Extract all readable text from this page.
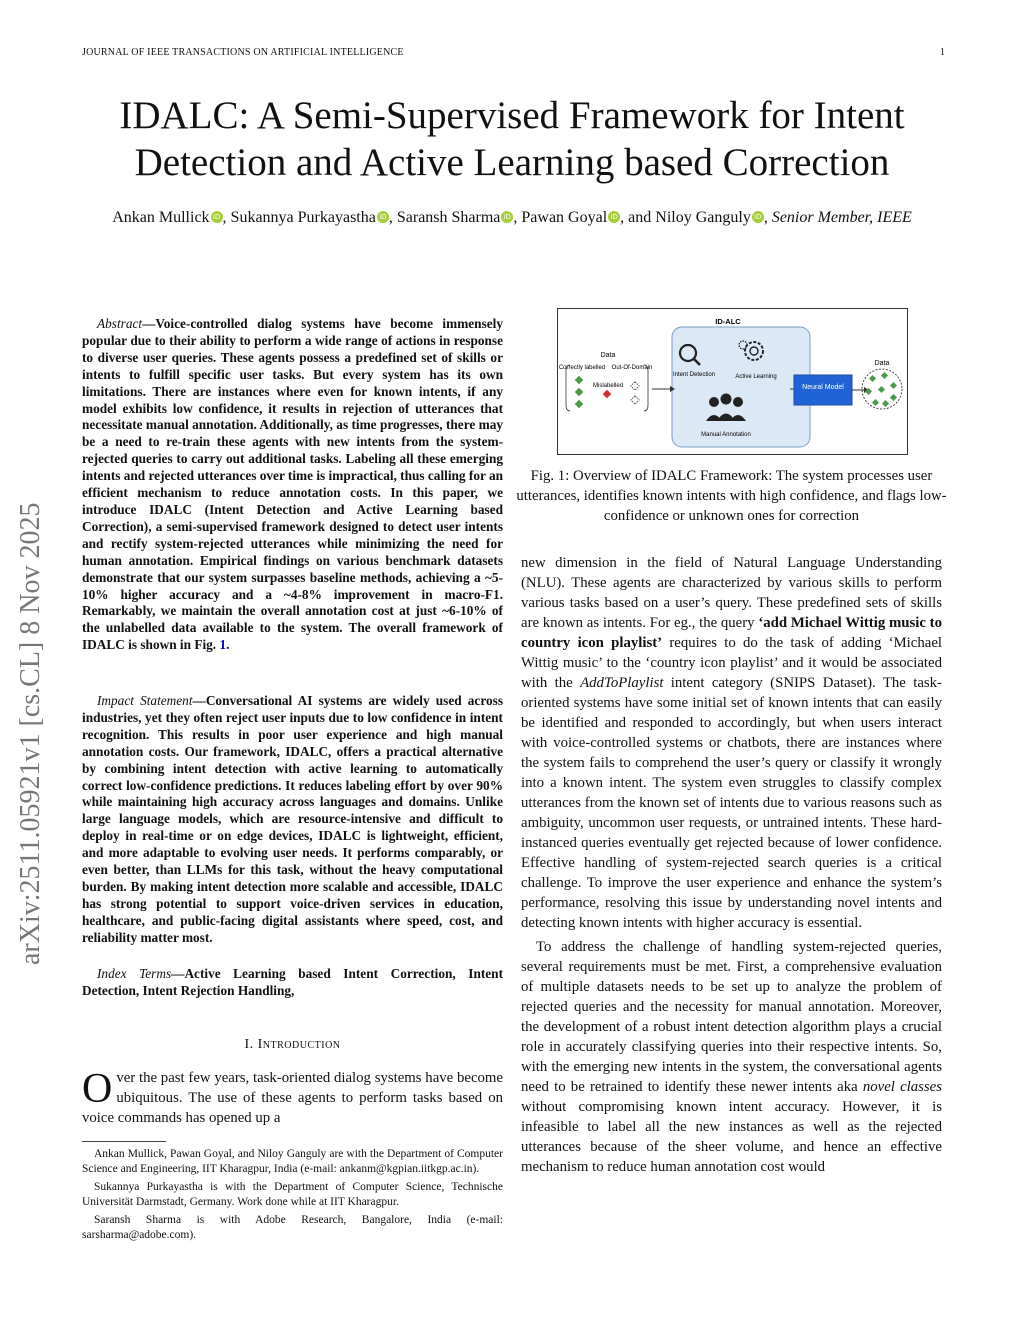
JOURNAL OF IEEE TRANSACTIONS ON ARTIFICIAL INTELLIGENCE	1
IDALC: A Semi-Supervised Framework for Intent Detection and Active Learning based Correction
Ankan Mullick iD , Sukannya Purkayastha iD , Saransh Sharma iD , Pawan Goyal iD , and Niloy Ganguly iD , Senior Member, IEEE
arXiv:2511.05921v1 [cs.CL] 8 Nov 2025

Abstract—Voice-controlled dialog systems have become immensely popular due to their ability to perform a wide range of actions in response to diverse user queries. These agents possess a predefined set of skills or intents to fulfill specific user tasks. But every system has its own limitations. There are instances where even for known intents, if any model exhibits low confidence, it results in rejection of utterances that necessitate manual annotation. Additionally, as time progresses, there may be a need to re-train these agents with new intents from the system-rejected queries to carry out additional tasks. Labeling all these emerging intents and rejected utterances over time is impractical, thus calling for an efficient mechanism to reduce annotation costs. In this paper, we introduce IDALC (Intent Detection and Active Learning based Correction), a semi-supervised framework designed to detect user intents and rectify system-rejected utterances while minimizing the need for human annotation. Empirical findings on various benchmark datasets demonstrate that our system surpasses baseline methods, achieving a ~5-10% higher accuracy and a ~4-8% improvement in macro-F1. Remarkably, we maintain the overall annotation cost at just ~6-10% of the unlabelled data available to the system. The overall framework of IDALC is shown in Fig. 1.

Impact Statement—Conversational AI systems are widely used across industries, yet they often reject user inputs due to low confidence in intent recognition. This results in poor user experience and high manual annotation costs. Our framework, IDALC, offers a practical alternative by combining intent detection with active learning to automatically correct low-confidence predictions. It reduces labeling effort by over 90% while maintaining high accuracy across languages and domains. Unlike large language models, which are resource-intensive and difficult to deploy in real-time or on edge devices, IDALC is lightweight, efficient, and more adaptable to evolving user needs. It performs comparably, or even better, than LLMs for this task, without the heavy computational burden. By making intent detection more scalable and accessible, IDALC has strong potential to support voice-driven services in education, healthcare, and public-facing digital assistants where speed, cost, and reliability matter most.

Index Terms—Active Learning based Intent Correction, Intent Detection, Intent Rejection Handling,

I. Introduction
Over the past few years, task-oriented dialog systems have become ubiquitous. The use of these agents to perform tasks based on voice commands has opened up a

Ankan Mullick, Pawan Goyal, and Niloy Ganguly are with the Department of Computer Science and Engineering, IIT Kharagpur, India (e-mail: ankanm@kgpian.iitkgp.ac.in).

Sukannya Purkayastha is with the Department of Computer Science, Technische Universität Darmstadt, Germany. Work done while at IIT Kharagpur.

Saransh Sharma is with Adobe Research, Bangalore, India (e-mail: sarsharma@adobe.com).

ID-ALC
Data
Correctly labelled Out-Of-Domain
Mislabelled
Intent Detection	Active Learning
Manual Annotation
Neural Model
Data
Fig. 1: Overview of IDALC Framework: The system processes user utterances, identifies known intents with high confidence, and flags low-confidence or unknown ones for correction

new dimension in the field of Natural Language Understanding (NLU). These agents are characterized by various skills to perform various tasks based on a user’s query. These predefined sets of skills are known as intents. For eg., the query ‘add Michael Wittig music to country icon playlist’ requires to do the task of adding ‘Michael Wittig music’ to the ‘country icon playlist’ and it would be associated with the AddToPlaylist intent category (SNIPS Dataset). The task-oriented systems have some initial set of known intents that can easily be identified and responded to accordingly, but when users interact with voice-controlled systems or chatbots, there are instances where the system fails to comprehend the user’s query or classify it wrongly into a known intent. The system even struggles to classify complex utterances from the known set of intents due to various reasons such as ambiguity, uncommon user requests, or untrained intents. These hard-instanced queries eventually get rejected because of lower confidence. Effective handling of system-rejected search queries is a critical challenge. To improve the user experience and enhance the system’s performance, resolving this issue by understanding novel intents and detecting known intents with higher accuracy is essential.

To address the challenge of handling system-rejected queries, several requirements must be met. First, a comprehensive evaluation of multiple datasets needs to be set up to analyze the problem of rejected queries and the necessity for manual annotation. Moreover, the development of a robust intent detection algorithm plays a crucial role in accurately classifying queries into their respective intents. So, with the emerging new intents in the system, the conversational agents need to be retrained to identify these newer intents aka novel classes without compromising known intent accuracy. However, it is infeasible to label all the new instances as well as the rejected utterances because of the sheer volume, and hence an effective mechanism to reduce human annotation cost would
